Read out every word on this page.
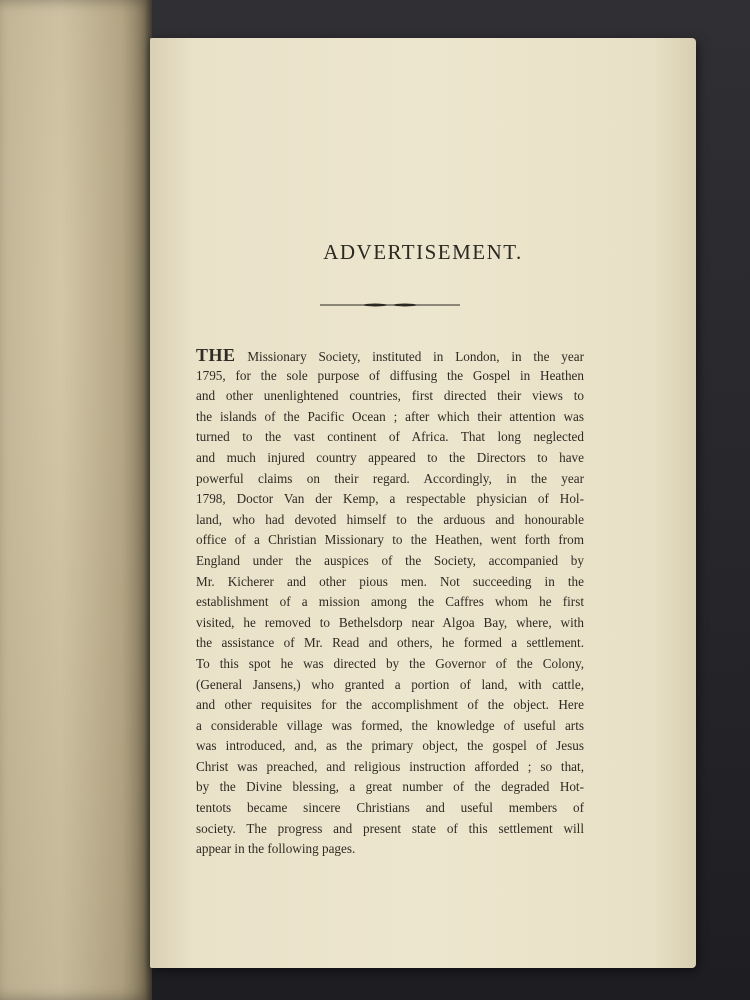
ADVERTISEMENT.
THE Missionary Society, instituted in London, in the year
1795, for the sole purpose of diffusing the Gospel in Heathen
and other unenlightened countries, first directed their views to
the islands of the Pacific Ocean ; after which their attention was
turned to the vast continent of Africa. That long neglected
and much injured country appeared to the Directors to have
powerful claims on their regard. Accordingly, in the year
1798, Doctor Van der Kemp, a respectable physician of Hol-
land, who had devoted himself to the arduous and honourable
office of a Christian Missionary to the Heathen, went forth from
England under the auspices of the Society, accompanied by
Mr. Kicherer and other pious men. Not succeeding in the
establishment of a mission among the Caffres whom he first
visited, he removed to Bethelsdorp near Algoa Bay, where, with
the assistance of Mr. Read and others, he formed a settlement.
To this spot he was directed by the Governor of the Colony,
(General Jansens,) who granted a portion of land, with cattle,
and other requisites for the accomplishment of the object. Here
a considerable village was formed, the knowledge of useful arts
was introduced, and, as the primary object, the gospel of Jesus
Christ was preached, and religious instruction afforded ; so that,
by the Divine blessing, a great number of the degraded Hot-
tentots became sincere Christians and useful members of
society. The progress and present state of this settlement will
appear in the following pages.
